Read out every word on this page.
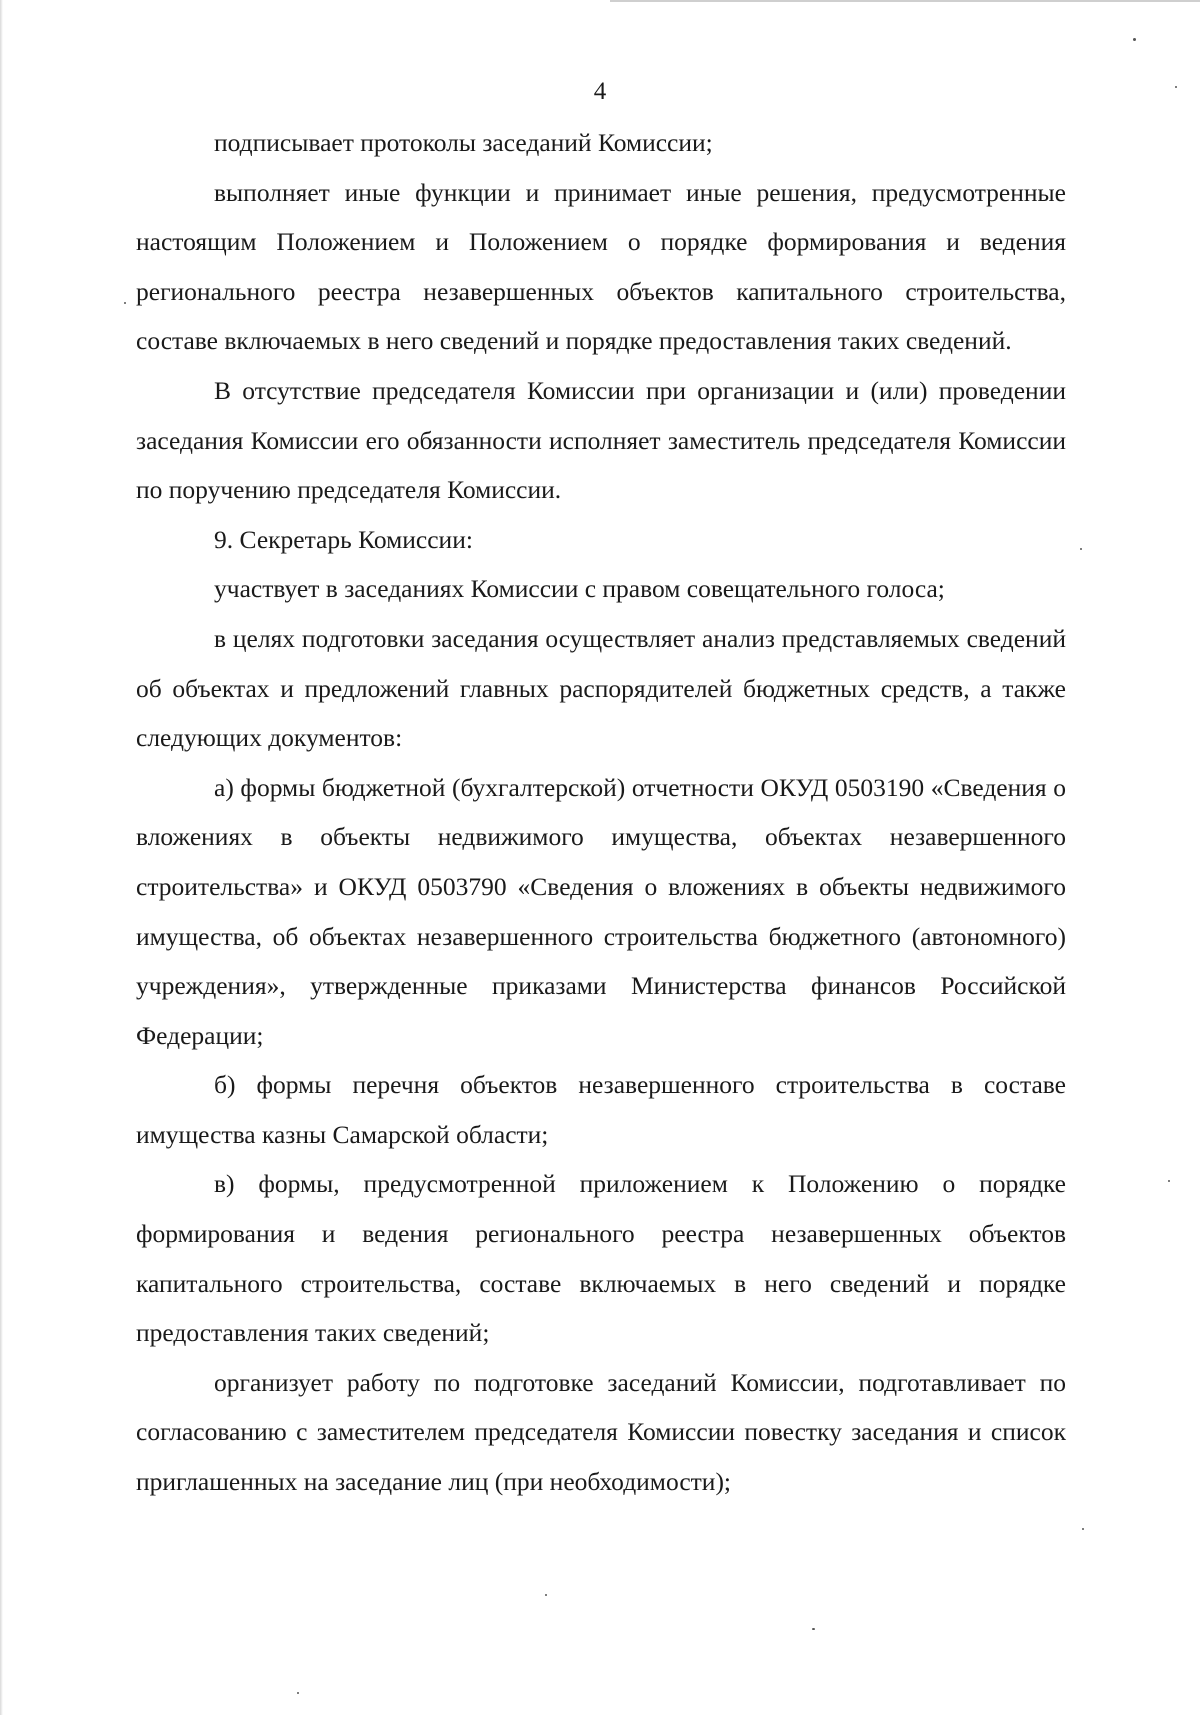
4

подписывает протоколы заседаний Комиссии;

выполняет иные функции и принимает иные решения, предусмотренные настоящим Положением и Положением о порядке формирования и ведения регионального реестра незавершенных объектов капитального строительства, составе включаемых в него сведений и порядке предоставления таких сведений.

В отсутствие председателя Комиссии при организации и (или) проведении заседания Комиссии его обязанности исполняет заместитель председателя Комиссии по поручению председателя Комиссии.

9. Секретарь Комиссии:

участвует в заседаниях Комиссии с правом совещательного голоса;

в целях подготовки заседания осуществляет анализ представляемых сведений об объектах и предложений главных распорядителей бюджетных средств, а также следующих документов:

а) формы бюджетной (бухгалтерской) отчетности ОКУД 0503190 «Сведения о вложениях в объекты недвижимого имущества, объектах незавершенного строительства» и ОКУД 0503790 «Сведения о вложениях в объекты недвижимого имущества, об объектах незавершенного строительства бюджетного (автономного) учреждения», утвержденные приказами Министерства финансов Российской Федерации;

б) формы перечня объектов незавершенного строительства в составе имущества казны Самарской области;

в) формы, предусмотренной приложением к Положению о порядке формирования и ведения регионального реестра незавершенных объектов капитального строительства, составе включаемых в него сведений и порядке предоставления таких сведений;

организует работу по подготовке заседаний Комиссии, подготавливает по согласованию с заместителем председателя Комиссии повестку заседания и список приглашенных на заседание лиц (при необходимости);
